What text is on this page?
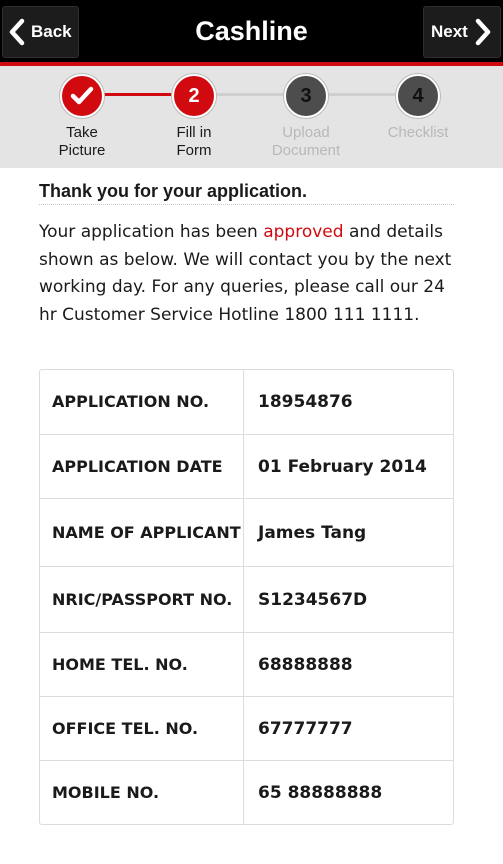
Cashline
Back	Next
Take
Picture
2
Fill in
Form
3
Upload
Document
4
Checklist
Thank you for your application.
Your application has been approved and details shown as below. We will contact you by the next working day. For any queries, please call our 24 hr Customer Service Hotline 1800 111 1111.
APPLICATION NO.	18954876
APPLICATION DATE	01 February 2014
NAME OF APPLICANT	James Tang
NRIC/PASSPORT NO.	S1234567D
HOME TEL. NO.	68888888
OFFICE TEL. NO.	67777777
MOBILE NO.	65 88888888
